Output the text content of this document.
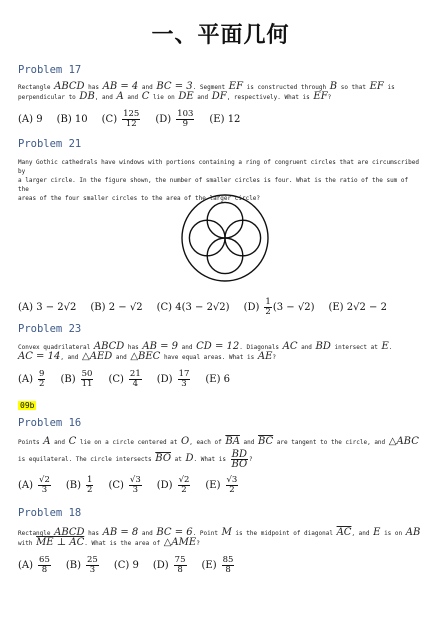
一、平面几何
Problem 17
Rectangle ABCD has AB = 4 and BC = 3. Segment EF is constructed through B so that EF is
perpendicular to DB, and A and C lie on DE and DF, respectively. What is EF?
(A) 9 (B) 10 $(C) \frac{125}{12} (D) \frac{103}{9} (E)$ 12
Problem 21
Many Gothic cathedrals have windows with portions containing a ring of congruent circles that are circumscribed by
a larger circle. In the figure shown, the number of smaller circles is four. What is the ratio of the sum of the
areas of the four smaller circles to the area of the larger circle?
(A) 3 − 2√2 (B) 2 − √2 (C) 4(3 − 2√2) $(D) \frac{1}{2} (3 - √2)$ (E) 2√2 − 2
Problem 23
Convex quadrilateral ABCD has AB = 9 and CD = 12. Diagonals AC and BD intersect at E.
AC = 14, and △AED and △BEC have equal areas. What is AE?
$(A) \frac{9}{2} (B) \frac{50}{11} (C) \frac{21}{4} (D) \frac{17}{3} (E)$ 6
09b
Problem 16
Points A and C lie on a circle centered at O, each of $\overline{BA}$ and $\overline{BC}$ are tangent to the circle, and △ABC
is equilateral. The circle intersects $\overline{BO}$ at D. What is $\frac{BD}{BO}$ ?
$(A) \frac{√2}{3} (B) \frac{1}{2} (C) \frac{√3}{3} (D) \frac{√2}{2} (E) \frac{√3}{2}$
Problem 18
Rectangle ABCD has AB = 8 and BC = 6. Point M is the midpoint of diagonal $\overline{AC}$, and E is on AB
with ME ⊥ AC. What is the area of △AME?
$(A) \frac{65}{8} (B) \frac{25}{3} (C)$ 9 $(D) \frac{75}{8} (E) \frac{85}{8}$
